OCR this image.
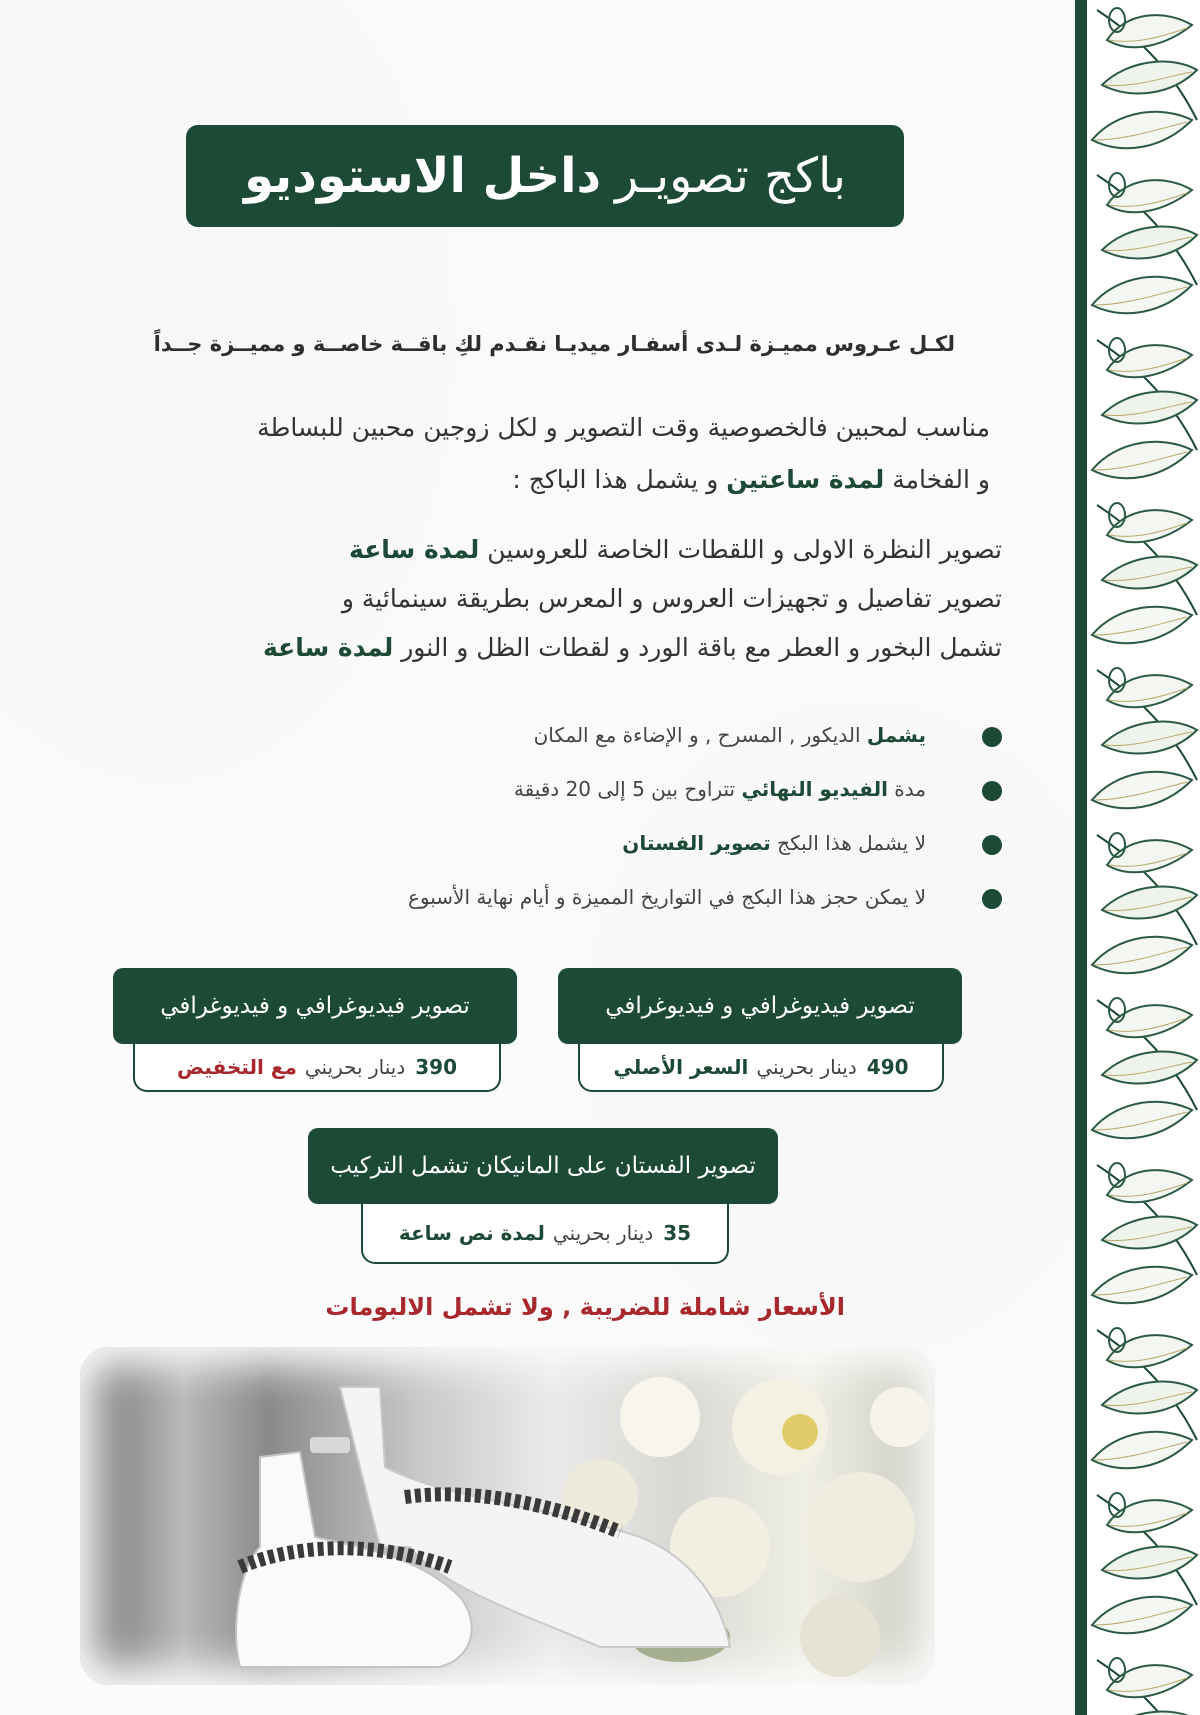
باكج تصويـر
داخل الاستوديو
لكـل عـروس مميـزة لـدى أسفـار ميديـا نقـدم لكِ باقــة خاصــة و مميــزة جــداً
مناسب لمحبين فالخصوصية وقت التصوير و لكل زوجين محبين للبساطة
و الفخامة لمدة ساعتين و يشمل هذا الباكج :
تصوير النظرة الاولى و اللقطات الخاصة للعروسين لمدة ساعة
تصوير تفاصيل و تجهيزات العروس و المعرس بطريقة سينمائية و
تشمل البخور و العطر مع باقة الورد و لقطات الظل و النور لمدة ساعة
يشمل الديكور , المسرح , و الإضاءة مع المكان
مدة الفيديو النهائي تتراوح بين 5 إلى 20 دقيقة
لا يشمل هذا البكج تصوير الفستان
لا يمكن حجز هذا البكج في التواريخ المميزة و أيام نهاية الأسبوع
تصوير فيديوغرافي و فيديوغرافي
490
دينار بحريني
السعر الأصلي
تصوير فيديوغرافي و فيديوغرافي
390
دينار بحريني
مع التخفيض
تصوير الفستان على المانيكان تشمل التركيب
35
دينار بحريني
لمدة نص ساعة
الأسعار شاملة للضريبة , ولا تشمل الالبومات
